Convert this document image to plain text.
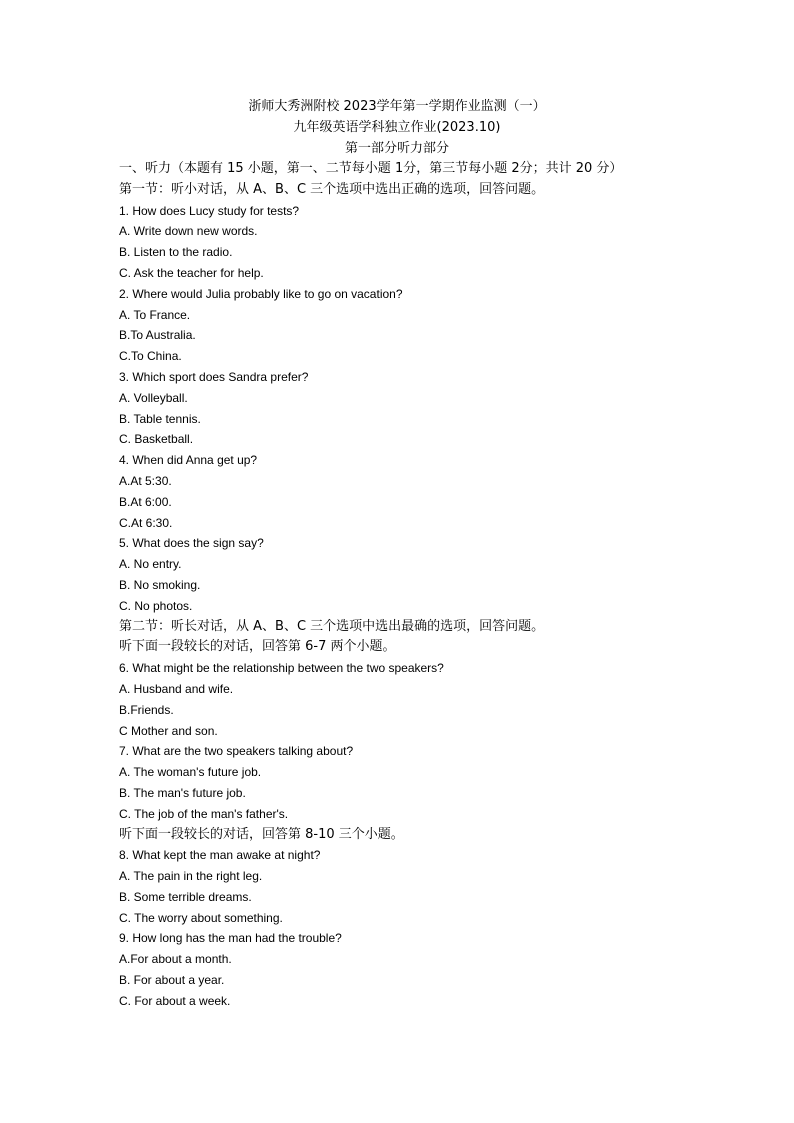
浙师大秀洲附校 2023学年第一学期作业监测（一）
九年级英语学科独立作业(2023.10)
第一部分听力部分
一、听力（本题有 15 小题，第一、二节每小题 1分，第三节每小题 2分；共计 20 分）
第一节：听小对话，从 A、B、C 三个选项中选出正确的选项，回答问题。
1. How does Lucy study for tests?
A. Write down new words.
B. Listen to the radio.
C. Ask the teacher for help.
2. Where would Julia probably like to go on vacation?
A. To France.
B.To Australia.
C.To China.
3. Which sport does Sandra prefer?
A. Volleyball.
B. Table tennis.
C. Basketball.
4. When did Anna get up?
A.At 5:30.
B.At 6:00.
C.At 6:30.
5. What does the sign say?
A. No entry.
B. No smoking.
C. No photos.
第二节：听长对话，从 A、B、C 三个选项中选出最确的选项，回答问题。
听下面一段较长的对话，回答第 6-7 两个小题。
6. What might be the relationship between the two speakers?
A. Husband and wife.
B.Friends.
C Mother and son.
7. What are the two speakers talking about?
A. The woman's future job.
B. The man's future job.
C. The job of the man's father's.
听下面一段较长的对话，回答第 8-10 三个小题。
8. What kept the man awake at night?
A. The pain in the right leg.
B. Some terrible dreams.
C. The worry about something.
9. How long has the man had the trouble?
A.For about a month.
B. For about a year.
C. For about a week.
